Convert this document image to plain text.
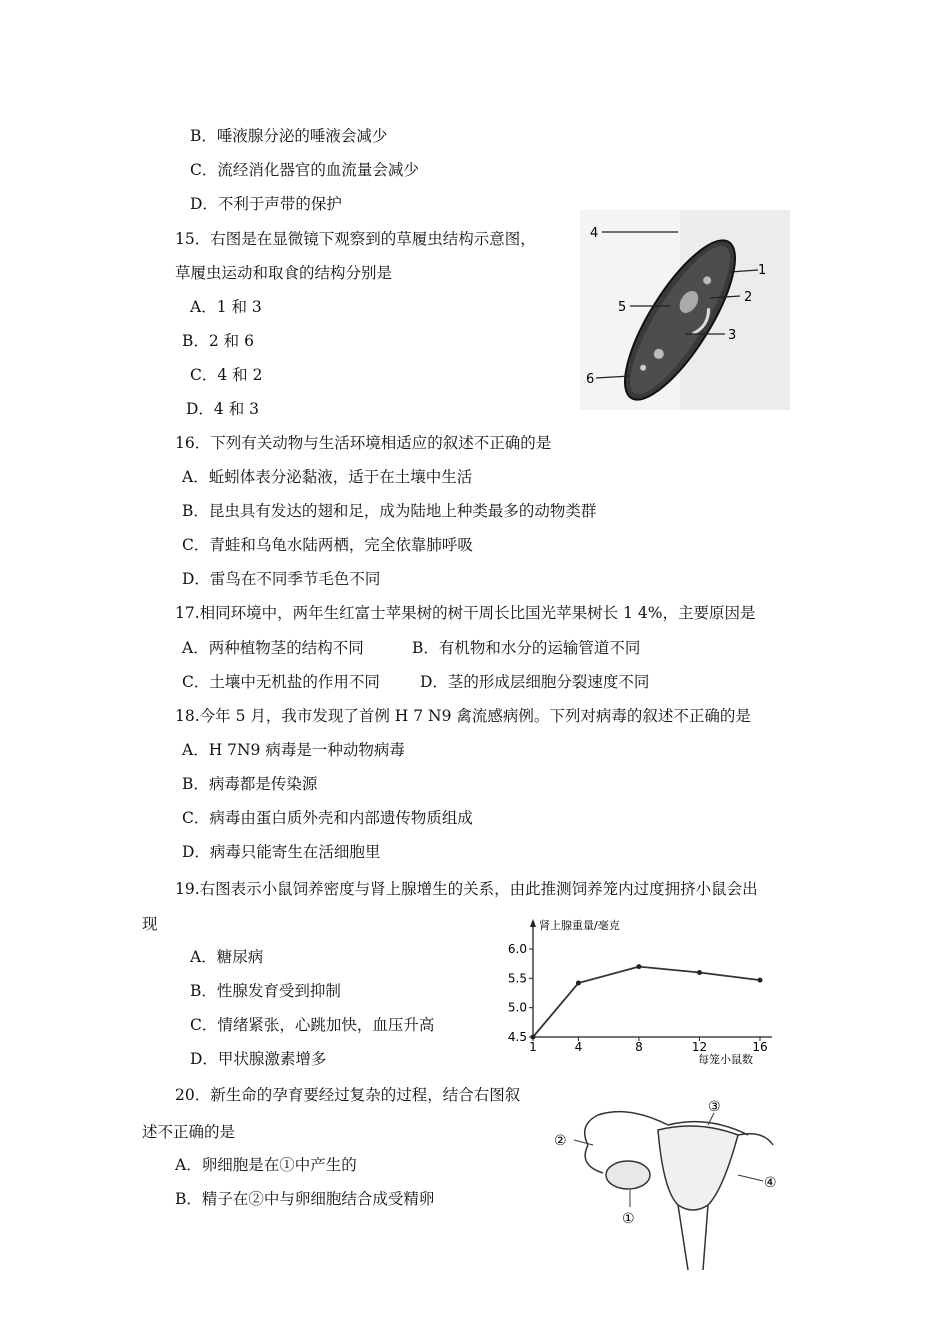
B．唾液腺分泌的唾液会减少
C．流经消化器官的血流量会减少
D．不利于声带的保护
15．右图是在显微镜下观察到的草履虫结构示意图，
草履虫运动和取食的结构分别是
A．1 和 3
B．2 和 6
C．4 和 2
D．4 和 3
4
1
5
2
3
6
16．下列有关动物与生活环境相适应的叙述不正确的是
A．蚯蚓体表分泌黏液，适于在土壤中生活
B．昆虫具有发达的翅和足，成为陆地上种类最多的动物类群
C．青蛙和乌龟水陆两栖，完全依靠肺呼吸
D．雷鸟在不同季节毛色不同
17.相同环境中，两年生红富士苹果树的树干周长比国光苹果树长 1 4%，主要原因是
A．两种植物茎的结构不同	B．有机物和水分的运输管道不同
C．土壤中无机盐的作用不同	D．茎的形成层细胞分裂速度不同
18.今年 5 月，我市发现了首例 H 7 N9 禽流感病例。下列对病毒的叙述不正确的是
A．H 7N9 病毒是一种动物病毒
B．病毒都是传染源
C．病毒由蛋白质外壳和内部遗传物质组成
D．病毒只能寄生在活细胞里
19.右图表示小鼠饲养密度与肾上腺增生的关系，由此推测饲养笼内过度拥挤小鼠会出
现
A．糖尿病
B．性腺发育受到抑制
C．情绪紧张，心跳加快，血压升高
D．甲状腺激素增多
肾上腺重量/毫克
每笼小鼠数
4.5
5.0
5.5
6.0
1	4	8	12	16
20．新生命的孕育要经过复杂的过程，结合右图叙
述不正确的是
A．卵细胞是在①中产生的
B．精子在②中与卵细胞结合成受精卵
③
②
④
①
